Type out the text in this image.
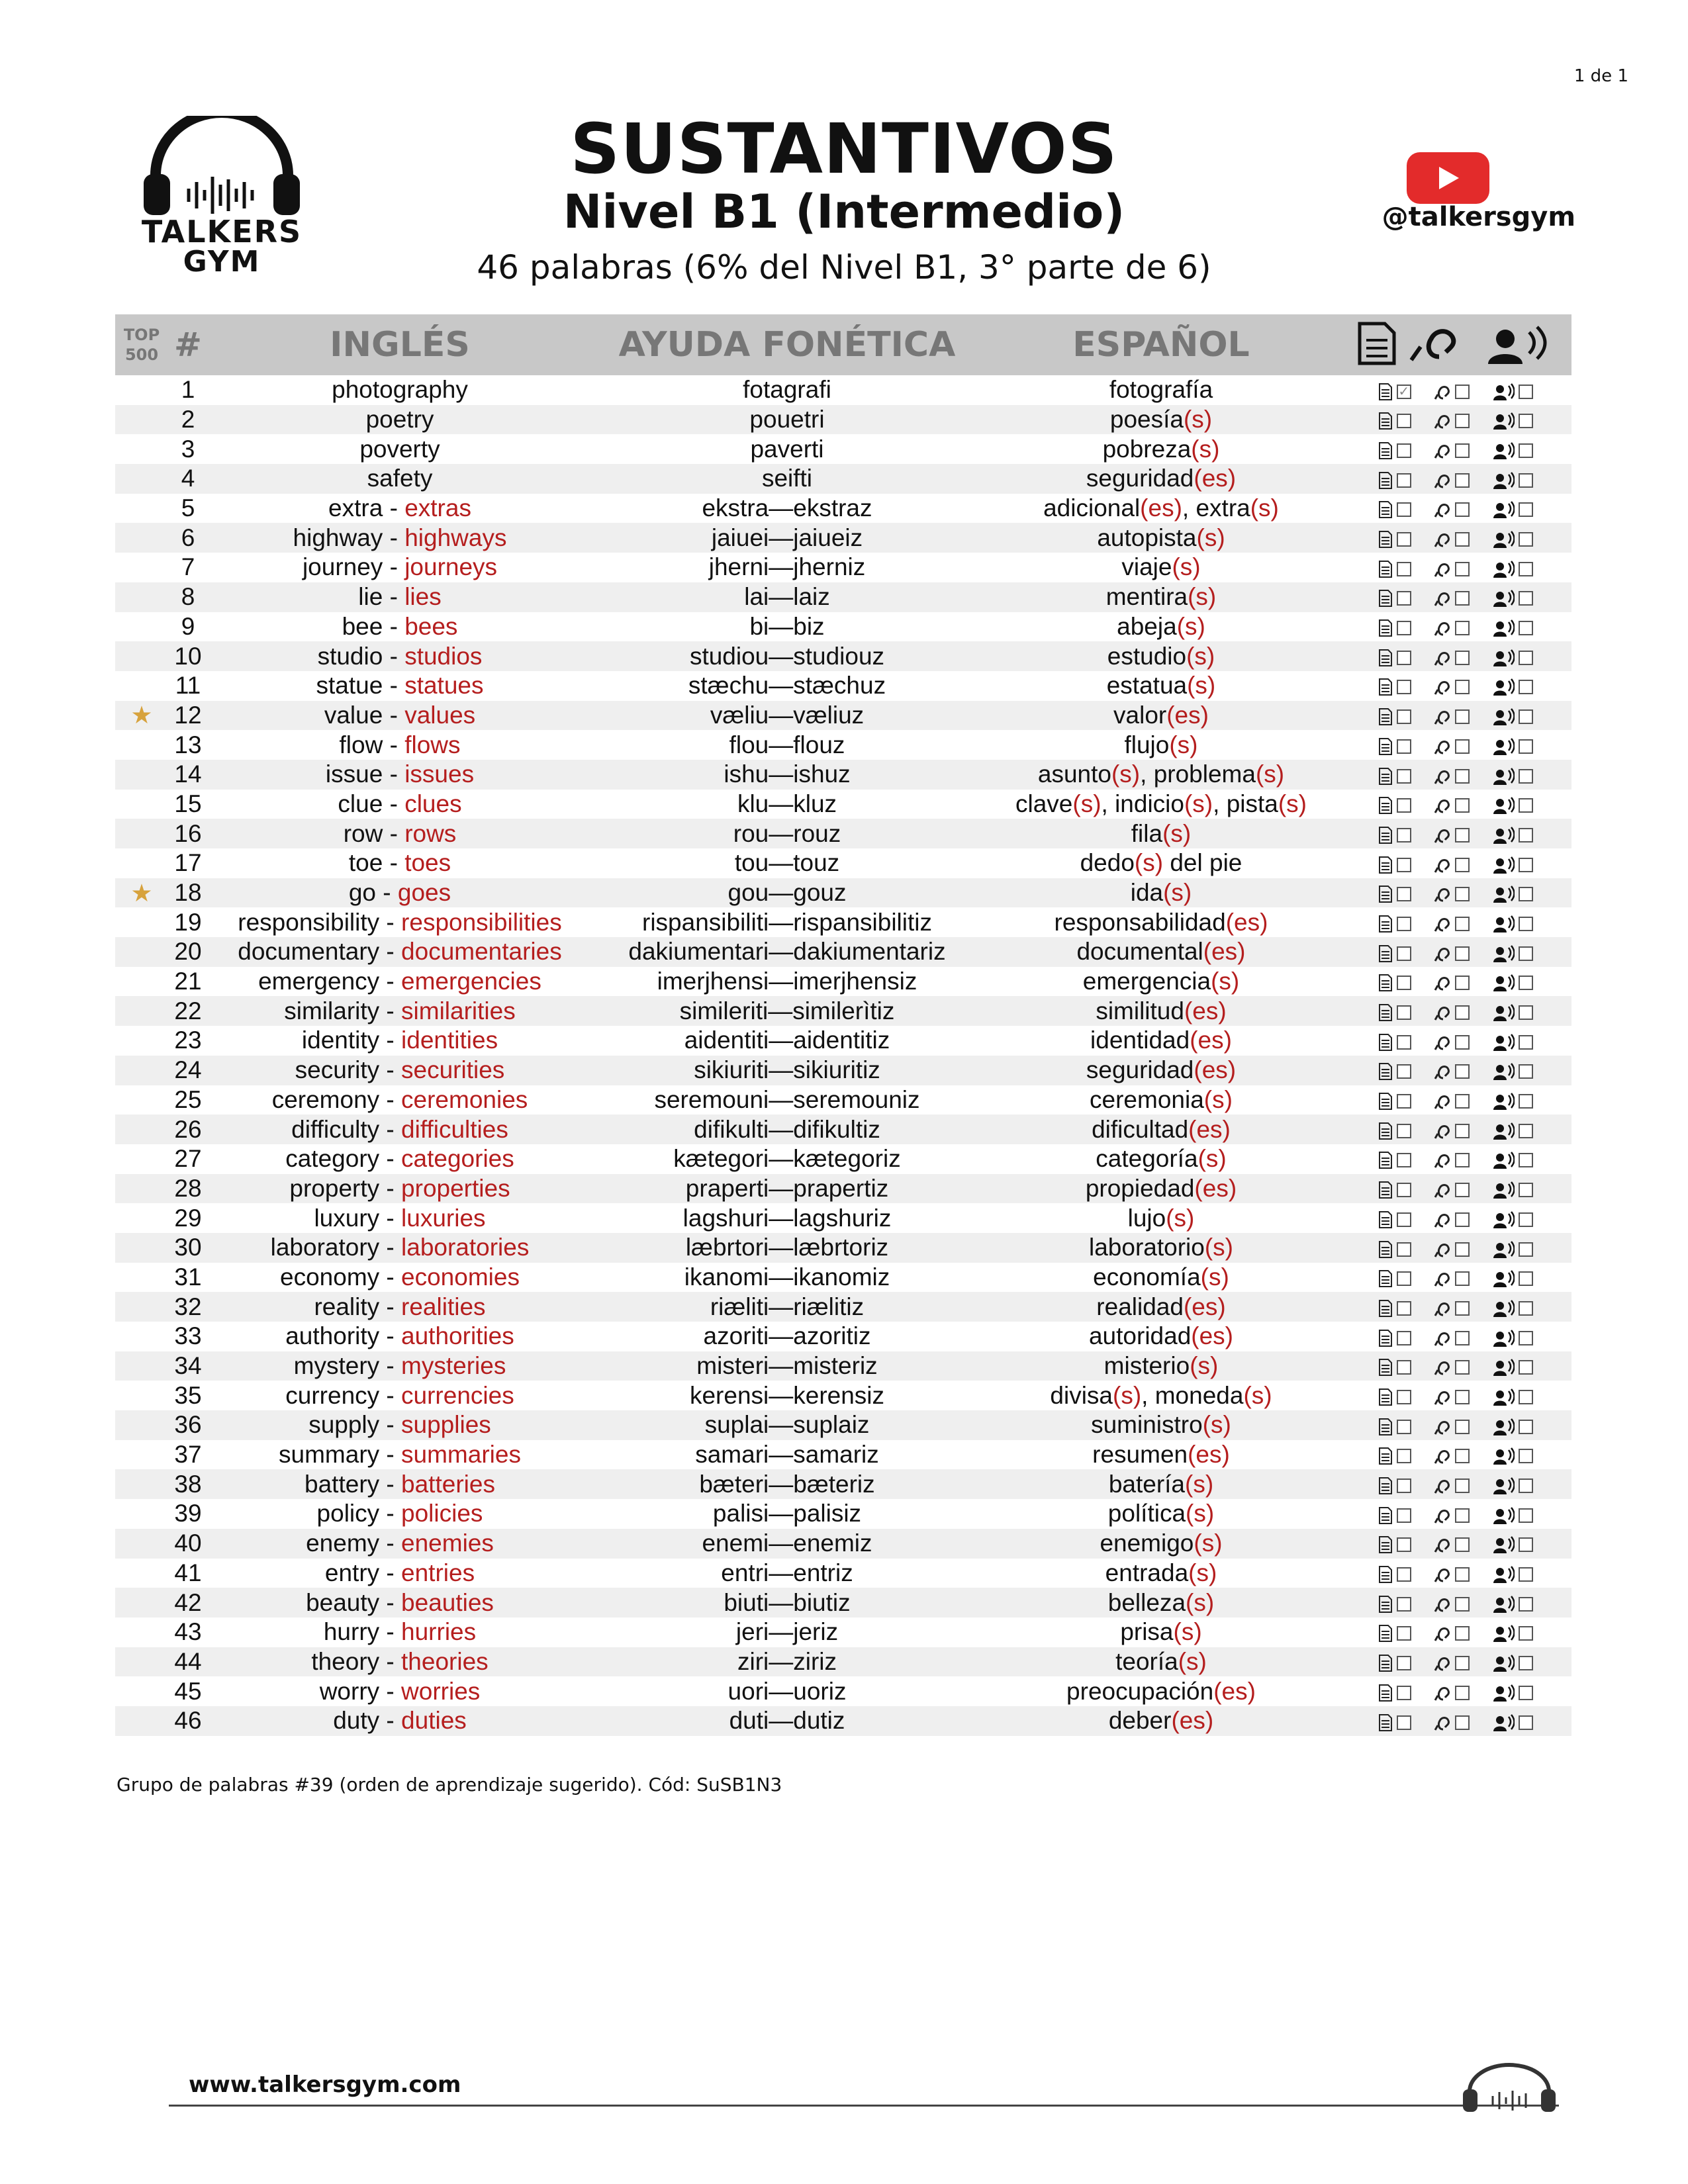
1 de 1
TALKERS
GYM
SUSTANTIVOS
Nivel B1 (Intermedio)
46 palabras (6% del Nivel B1, 3° parte de 6)
@talkersgym
TOP
500	#	INGLÉS	AYUDA FONÉTICA	ESPAÑOL	
	1	photography	fotagrafi	fotografía	✓

	2	poetry	pouetri	poesía(s)	

	3	poverty	paverti	pobreza(s)	

	4	safety	seifti	seguridad(es)	

	5	extra - extras	ekstra—ekstraz	adicional(es), extra(s)	

	6	highway - highways	jaiuei—jaiueiz	autopista(s)	

	7	journey - journeys	jherni—jherniz	viaje(s)	

	8	lie - lies	lai—laiz	mentira(s)	

	9	bee - bees	bi—biz	abeja(s)	

	10	studio - studios	studiou—studiouz	estudio(s)	

	11	statue - statues	stæchu—stæchuz	estatua(s)	

★	12	value - values	væliu—væliuz	valor(es)	

	13	flow - flows	flou—flouz	flujo(s)	

	14	issue - issues	ishu—ishuz	asunto(s), problema(s)	

	15	clue - clues	klu—kluz	clave(s), indicio(s), pista(s)	

	16	row - rows	rou—rouz	fila(s)	

	17	toe - toes	tou—touz	dedo(s) del pie	

★	18	go - goes	gou—gouz	ida(s)	

	19	responsibility - responsibilities	rispansibiliti—rispansibilitiz	responsabilidad(es)	

	20	documentary - documentaries	dakiumentari—dakiumentariz	documental(es)	

	21	emergency - emergencies	imerjhensi—imerjhensiz	emergencia(s)	

	22	similarity - similarities	simileriti—similerìtiz	similitud(es)	

	23	identity - identities	aidentiti—aidentitiz	identidad(es)	

	24	security - securities	sikiuriti—sikiuritiz	seguridad(es)	

	25	ceremony - ceremonies	seremouni—seremouniz	ceremonia(s)	

	26	difficulty - difficulties	difikulti—difikultiz	dificultad(es)	

	27	category - categories	kætegori—kætegoriz	categoría(s)	

	28	property - properties	praperti—prapertiz	propiedad(es)	

	29	luxury - luxuries	lagshuri—lagshuriz	lujo(s)	

	30	laboratory - laboratories	læbrtori—læbrtoriz	laboratorio(s)	

	31	economy - economies	ikanomi—ikanomiz	economía(s)	

	32	reality - realities	riæliti—riælitiz	realidad(es)	

	33	authority - authorities	azoriti—azoritiz	autoridad(es)	

	34	mystery - mysteries	misteri—misteriz	misterio(s)	

	35	currency - currencies	kerensi—kerensiz	divisa(s), moneda(s)	

	36	supply - supplies	suplai—suplaiz	suministro(s)	

	37	summary - summaries	samari—samariz	resumen(es)	

	38	battery - batteries	bæteri—bæteriz	batería(s)	

	39	policy - policies	palisi—palisiz	política(s)	

	40	enemy - enemies	enemi—enemiz	enemigo(s)	

	41	entry - entries	entri—entriz	entrada(s)	

	42	beauty - beauties	biuti—biutiz	belleza(s)	

	43	hurry - hurries	jeri—jeriz	prisa(s)	

	44	theory - theories	ziri—ziriz	teoría(s)	

	45	worry - worries	uori—uoriz	preocupación(es)	

	46	duty - duties	duti—dutiz	deber(es)	

Grupo de palabras #39 (orden de aprendizaje sugerido). Cód: SuSB1N3
www.talkersgym.com
